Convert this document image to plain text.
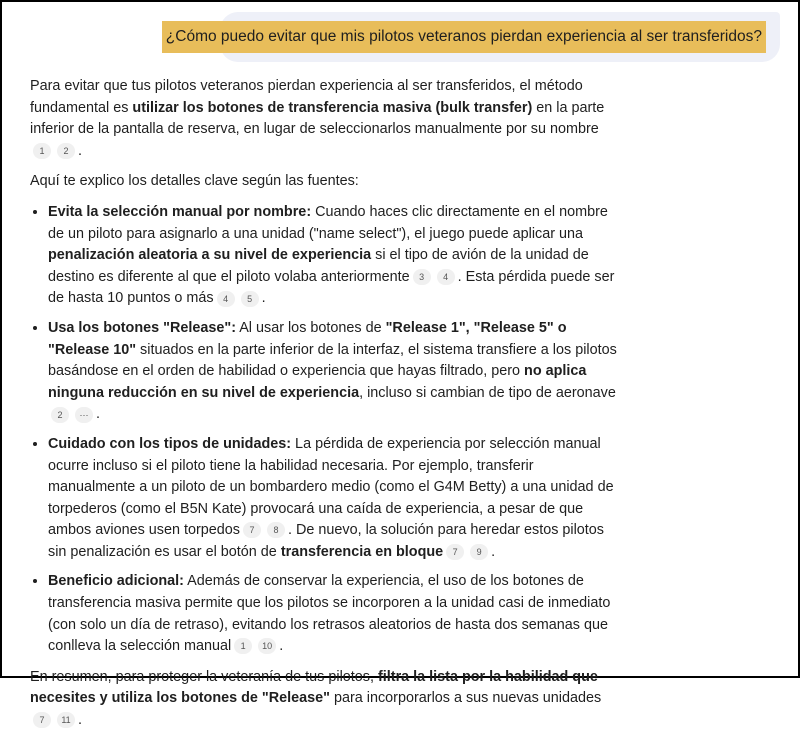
¿Cómo puedo evitar que mis pilotos veteranos pierdan experiencia al ser transferidos?

Para evitar que tus pilotos veteranos pierdan experiencia al ser transferidos, el método fundamental es utilizar los botones de transferencia masiva (bulk transfer) en la parte inferior de la pantalla de reserva, en lugar de seleccionarlos manualmente por su nombre1 2 .

Aquí te explico los detalles clave según las fuentes:

• Evita la selección manual por nombre: Cuando haces clic directamente en el nombre de un piloto para asignarlo a una unidad ("name select"), el juego puede aplicar una penalización aleatoria a su nivel de experiencia si el tipo de avión de la unidad de destino es diferente al que el piloto volaba anteriormente 3 4 . Esta pérdida puede ser de hasta 10 puntos o más 4 5 .
• Usa los botones "Release": Al usar los botones de "Release 1", "Release 5" o "Release 10" situados en la parte inferior de la interfaz, el sistema transfiere a los pilotos basándose en el orden de habilidad o experiencia que hayas filtrado, pero no aplica ninguna reducción en su nivel de experiencia, incluso si cambian de tipo de aeronave2 ⋯ .
• Cuidado con los tipos de unidades: La pérdida de experiencia por selección manual ocurre incluso si el piloto tiene la habilidad necesaria. Por ejemplo, transferir manualmente a un piloto de un bombardero medio (como el G4M Betty) a una unidad de torpederos (como el B5N Kate) provocará una caída de experiencia, a pesar de que ambos aviones usen torpedos 7 8 . De nuevo, la solución para heredar estos pilotos sin penalización es usar el botón de transferencia en bloque 7 9 .
• Beneficio adicional: Además de conservar la experiencia, el uso de los botones de transferencia masiva permite que los pilotos se incorporen a la unidad casi de inmediato (con solo un día de retraso), evitando los retrasos aleatorios de hasta dos semanas que conlleva la selección manual 1 10 .

En resumen, para proteger la veteranía de tus pilotos, filtra la lista por la habilidad que necesites y utiliza los botones de "Release" para incorporarlos a sus nuevas unidades7 11 .
